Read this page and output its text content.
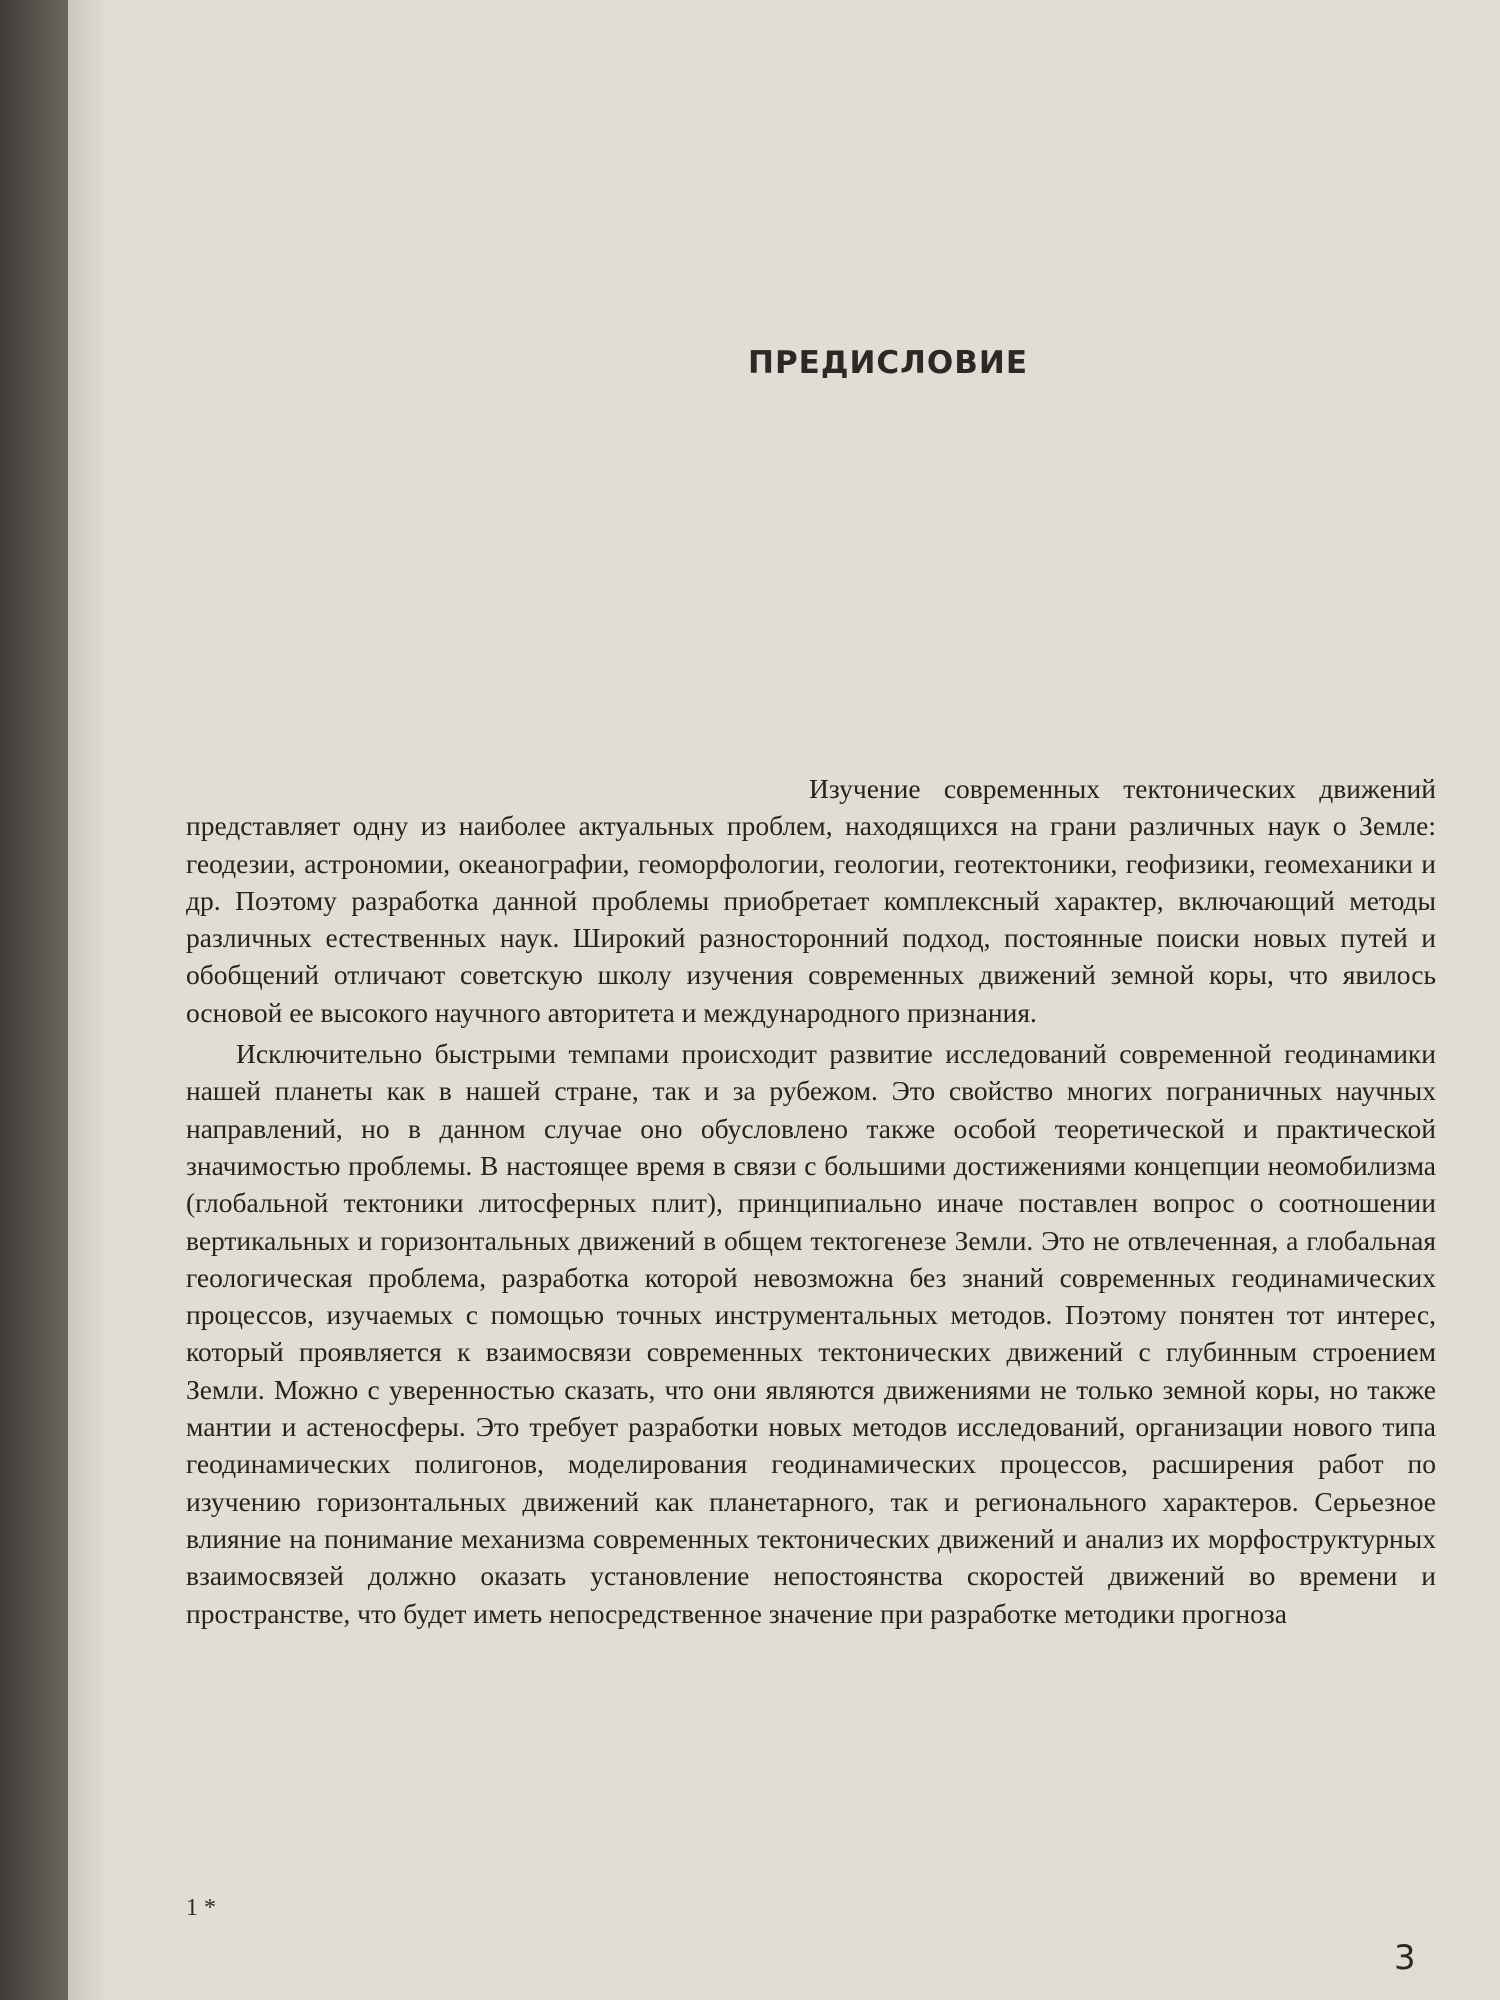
ПРЕДИСЛОВИЕ

Изучение современных тектонических движений представляет одну из наиболее актуальных проблем, находящихся на грани различных наук о Земле: геодезии, астрономии, океанографии, геоморфологии, геологии, геотектоники, геофизики, геомеханики и др. Поэтому разработка данной проблемы приобретает комплексный характер, включающий методы различных естественных наук. Широкий разносторонний подход, постоянные поиски новых путей и обобщений отличают советскую школу изучения современных движений земной коры, что явилось основой ее высокого научного авторитета и международного признания.

Исключительно быстрыми темпами происходит развитие исследований современной геодинамики нашей планеты как в нашей стране, так и за рубежом. Это свойство многих пограничных научных направлений, но в данном случае оно обусловлено также особой теоретической и практической значимостью проблемы. В настоящее время в связи с большими достижениями концепции неомобилизма (глобальной тектоники литосферных плит), принципиально иначе поставлен вопрос о соотношении вертикальных и горизонтальных движений в общем тектогенезе Земли. Это не отвлеченная, а глобальная геологическая проблема, разработка которой невозможна без знаний современных геодинамических процессов, изучаемых с помощью точных инструментальных методов. Поэтому понятен тот интерес, который проявляется к взаимосвязи современных тектонических движений с глубинным строением Земли. Можно с уверенностью сказать, что они являются движениями не только земной коры, но также мантии и астеносферы. Это требует разработки новых методов исследований, организации нового типа геодинамических полигонов, моделирования геодинамических процессов, расширения работ по изучению горизонтальных движений как планетарного, так и регионального характеров. Серьезное влияние на понимание механизма современных тектонических движений и анализ их морфоструктурных взаимосвязей должно оказать установление непостоянства скоростей движений во времени и пространстве, что будет иметь непосредственное значение при разработке методики прогноза

1 *
3
